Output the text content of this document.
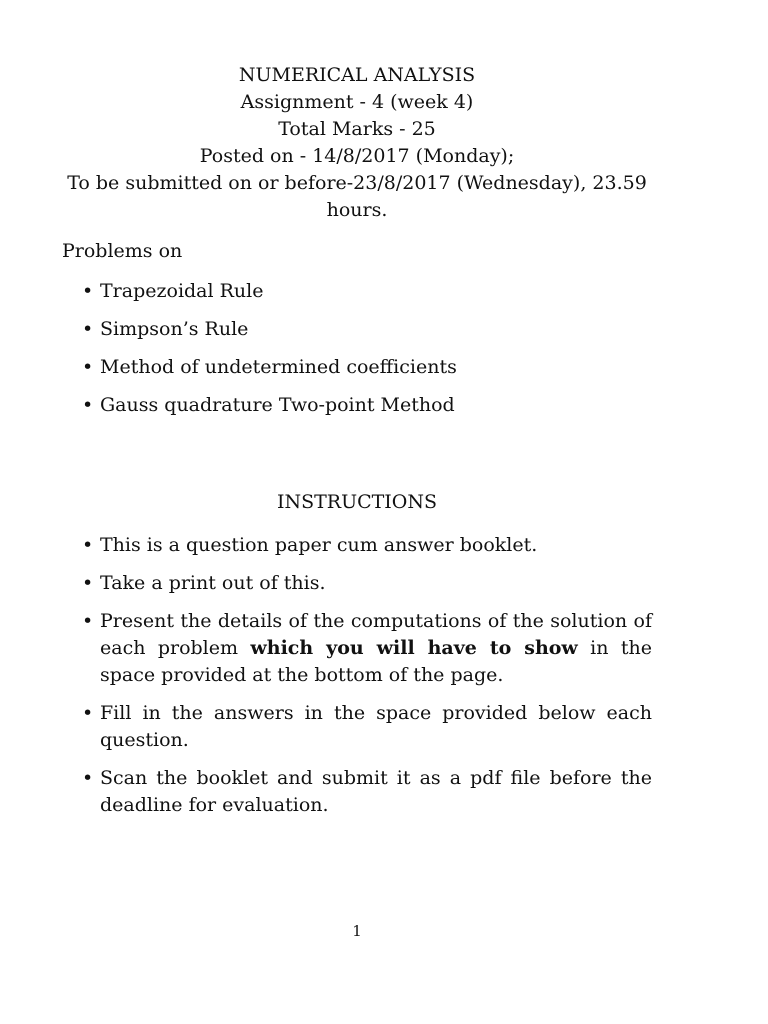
NUMERICAL ANALYSIS
Assignment - 4 (week 4)
Total Marks - 25
Posted on - 14/8/2017 (Monday);
To be submitted on or before-23/8/2017 (Wednesday), 23.59 hours.
Problems on
• Trapezoidal Rule
• Simpson’s Rule
• Method of undetermined coefficients
• Gauss quadrature Two-point Method
INSTRUCTIONS
• This is a question paper cum answer booklet.
• Take a print out of this.
• Present the details of the computations of the solution of each problem which you will have to show in the space provided at the bottom of the page.
• Fill in the answers in the space provided below each question.
• Scan the booklet and submit it as a pdf file before the deadline for evaluation.
1
